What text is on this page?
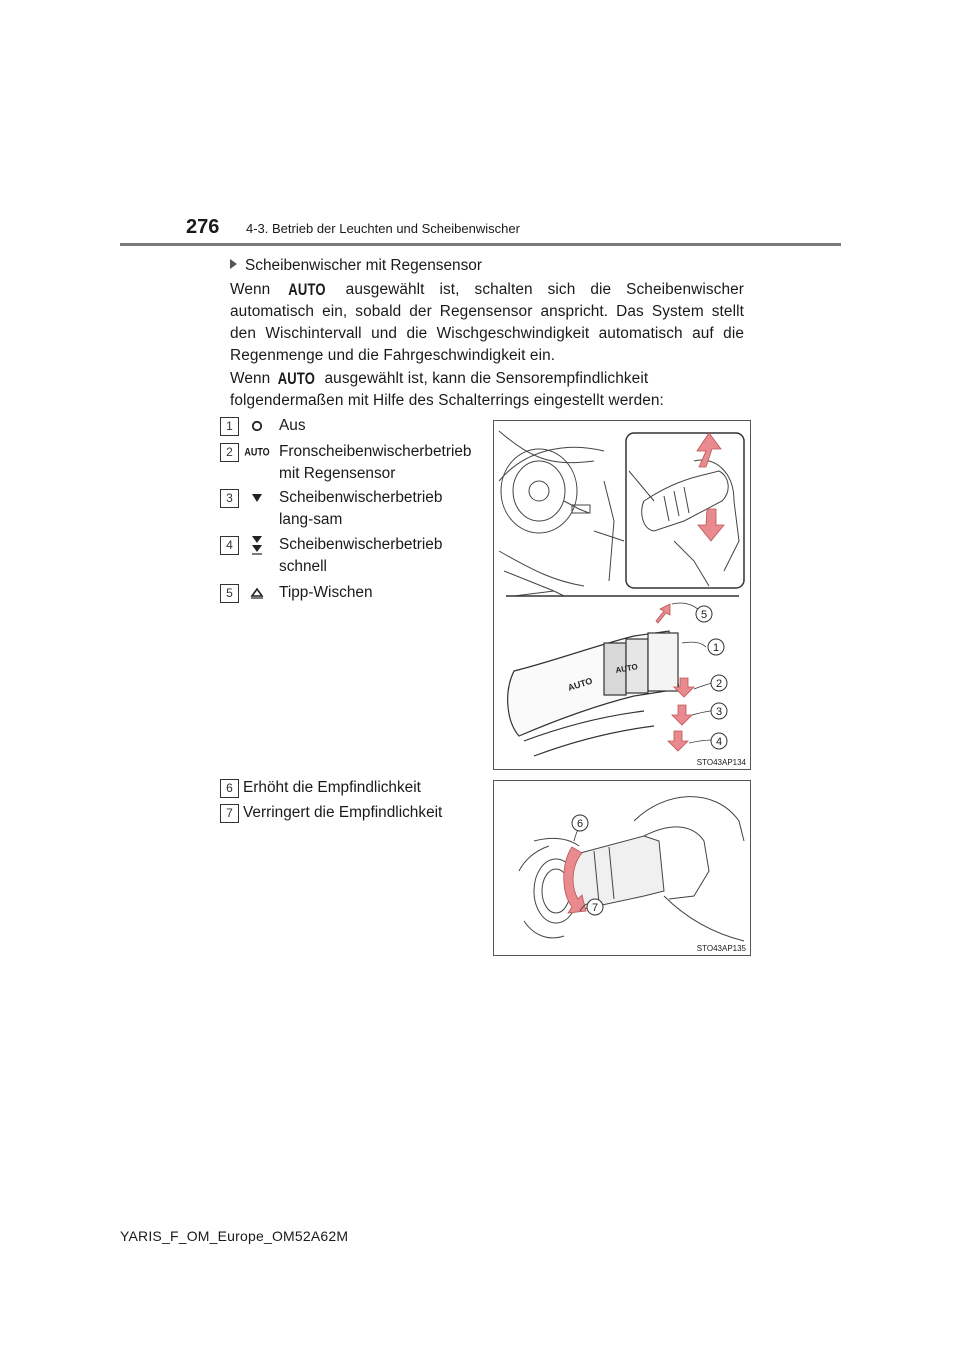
276 4-3. Betrieb der Leuchten und Scheibenwischer
Scheibenwischer mit Regensensor
Wenn AUTO ausgewählt ist, schalten sich die Scheibenwischer automatisch ein, sobald der Regensensor anspricht. Das System stellt den Wischintervall und die Wischgeschwindigkeit automatisch auf die Regenmenge und die Fahrgeschwindigkeit ein.
Wenn AUTO ausgewählt ist, kann die Sensorempfindlichkeit folgendermaßen mit Hilfe des Schalterrings eingestellt werden:
1	Aus
2	AUTO Fronscheibenwischerbetrieb mit Regensensor
3	Scheibenwischerbetrieb lang-sam
4	Scheibenwischerbetrieb schnell
5	Tipp-Wischen
AUTO
AUTO
5
1
2
3
4
STO43AP134
6 Erhöht die Empfindlichkeit
7 Verringert die Empfindlichkeit
6
7
STO43AP135
YARIS_F_OM_Europe_OM52A62M
